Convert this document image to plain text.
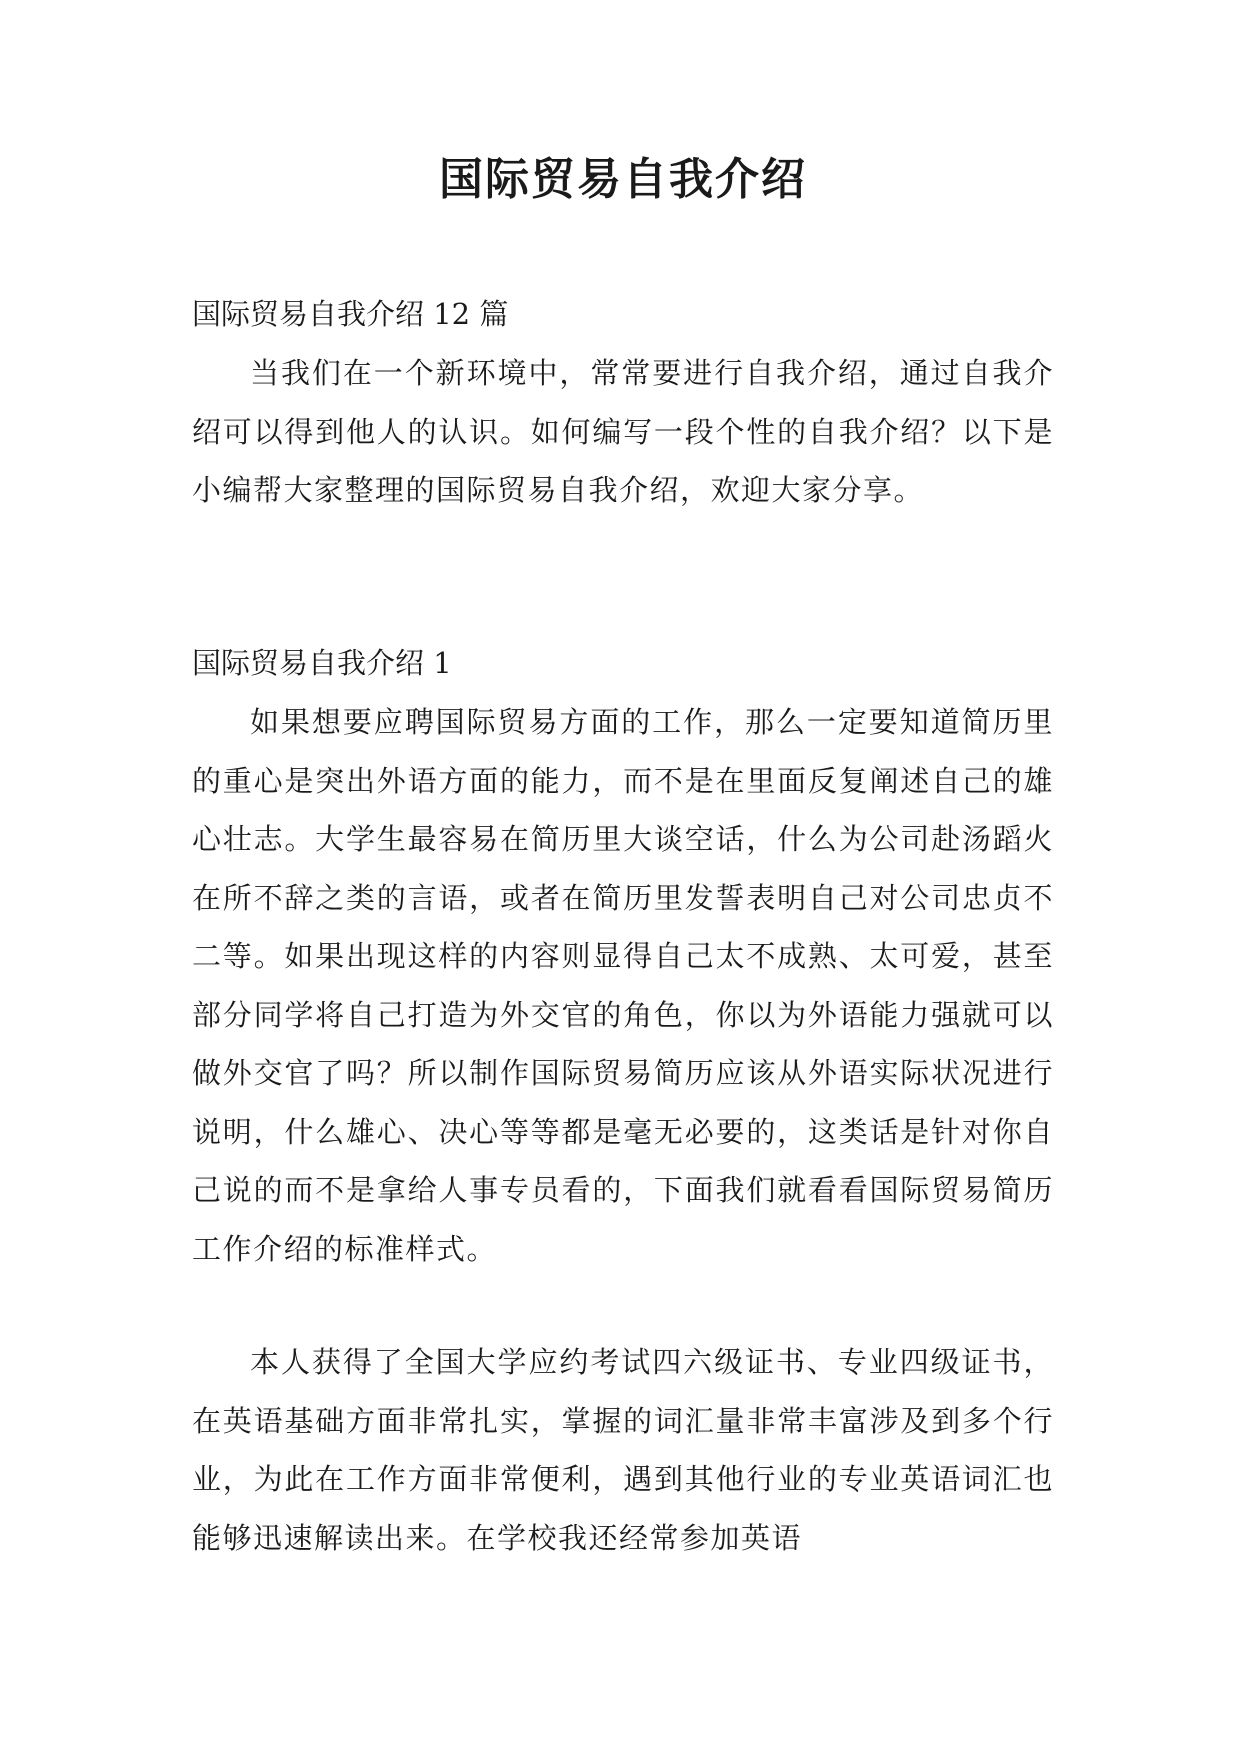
国际贸易自我介绍

国际贸易自我介绍 12 篇

当我们在一个新环境中，常常要进行自我介绍，通过自我介绍可以得到他人的认识。如何编写一段个性的自我介绍？以下是小编帮大家整理的国际贸易自我介绍，欢迎大家分享。

国际贸易自我介绍 1

如果想要应聘国际贸易方面的工作，那么一定要知道简历里的重心是突出外语方面的能力，而不是在里面反复阐述自己的雄心壮志。大学生最容易在简历里大谈空话，什么为公司赴汤蹈火在所不辞之类的言语，或者在简历里发誓表明自己对公司忠贞不二等。如果出现这样的内容则显得自己太不成熟、太可爱，甚至部分同学将自己打造为外交官的角色，你以为外语能力强就可以做外交官了吗？所以制作国际贸易简历应该从外语实际状况进行说明，什么雄心、决心等等都是毫无必要的，这类话是针对你自己说的而不是拿给人事专员看的，下面我们就看看国际贸易简历工作介绍的标准样式。

本人获得了全国大学应约考试四六级证书、专业四级证书，在英语基础方面非常扎实，掌握的词汇量非常丰富涉及到多个行业，为此在工作方面非常便利，遇到其他行业的专业英语词汇也能够迅速解读出来。在学校我还经常参加英语
